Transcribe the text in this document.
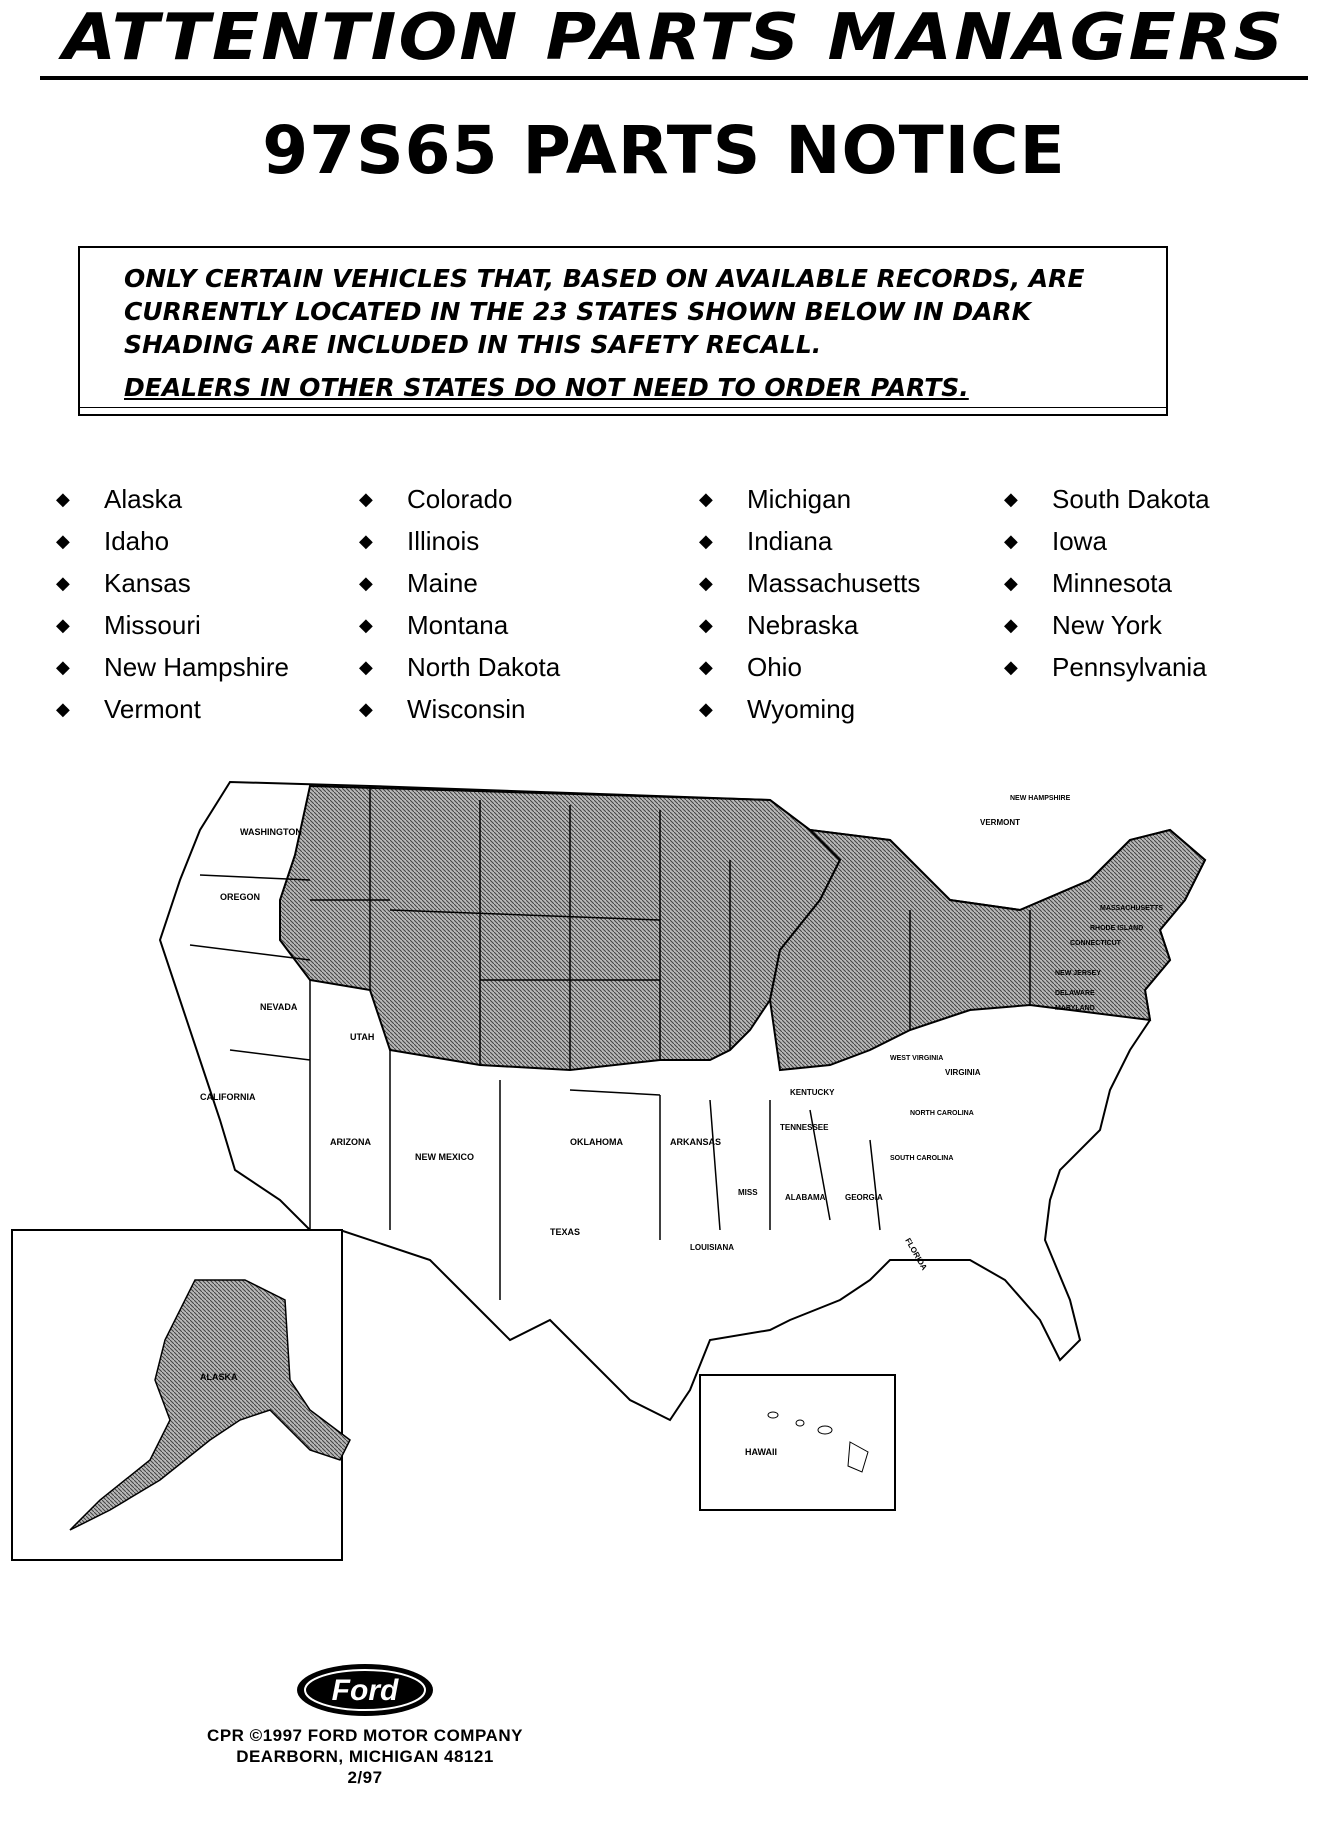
ATTENTION PARTS MANAGERS
97S65 PARTS NOTICE

ONLY CERTAIN VEHICLES THAT, BASED ON AVAILABLE RECORDS, ARE

CURRENTLY LOCATED IN THE 23 STATES SHOWN BELOW IN DARK

SHADING ARE INCLUDED IN THIS SAFETY RECALL.

DEALERS IN OTHER STATES DO NOT NEED TO ORDER PARTS.

◆	Alaska
◆	Idaho
◆	Kansas
◆	Missouri
◆	New Hampshire
◆	Vermont
◆	Colorado
◆	Illinois
◆	Maine
◆	Montana
◆	North Dakota
◆	Wisconsin
◆	Michigan
◆	Indiana
◆	Massachusetts
◆	Nebraska
◆	Ohio
◆	Wyoming
◆	South Dakota
◆	Iowa
◆	Minnesota
◆	New York
◆	Pennsylvania
WASHINGTON
OREGON
NEVADA
UTAH
CALIFORNIA
ARIZONA
NEW MEXICO
OKLAHOMA	ARKANSAS
TEXAS
LOUISIANA
MISS
ALABAMA GEORGIA
FLORIDA
TENNESSEE
KENTUCKY
VIRGINIA
WEST VIRGINIA
NORTH CAROLINA
SOUTH CAROLINA
VERMONT
NEW HAMPSHIRE
MASSACHUSETTS
RHODE ISLAND
CONNECTICUT
NEW JERSEY
DELAWARE
MARYLAND
ALASKA
HAWAII
Ford
CPR ©1997 FORD MOTOR COMPANY
DEARBORN, MICHIGAN 48121
2/97
